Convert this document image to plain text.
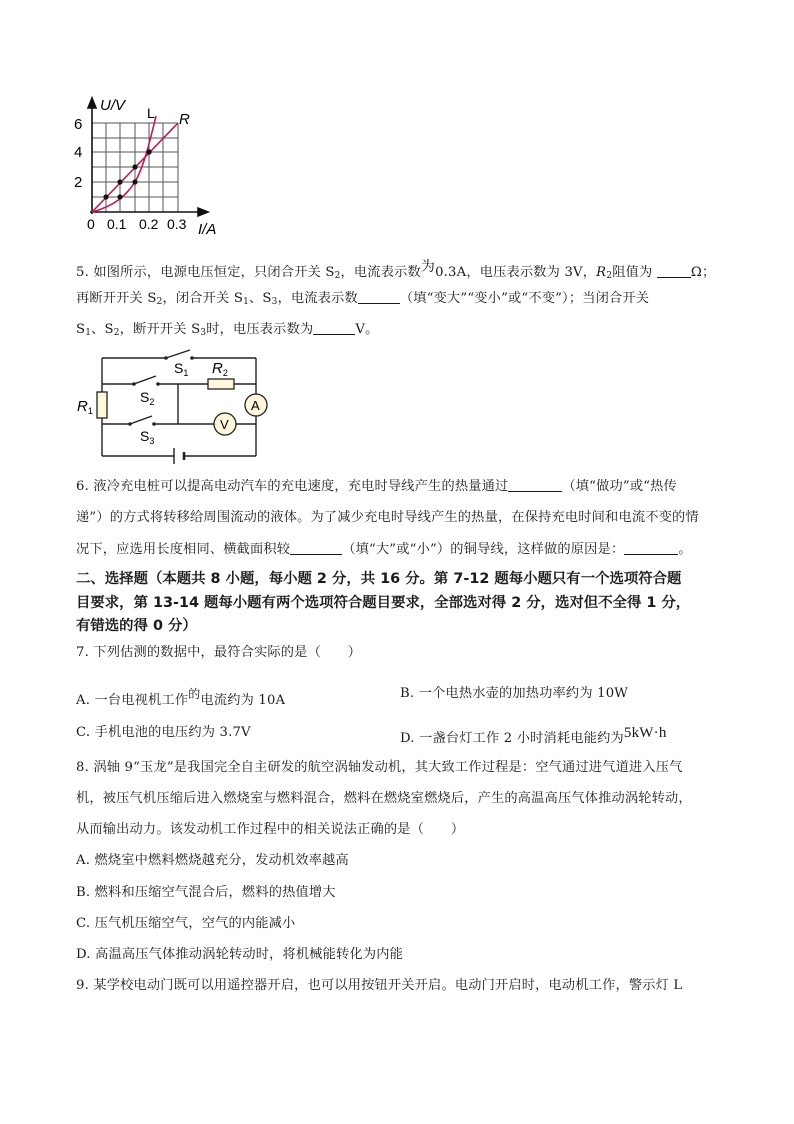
U/V L R
2
4
6
0 0.1 0.2 0.3 I/A
5. 如图所示，电源电压恒定，只闭合开关 $S_2$，电流表示数为0.3A，电压表示数为 3V，$R_2$阻值为	Ω；
再断开开关 $S_2$，闭合开关 $S_1$、$S_3$，电流表示数	（填“变大”“变小”或“不变”）；当闭合开关
$S_1$、$S_2$，断开开关 $S_3$时，电压表示数为	V。
A
V
$S_1$
$S_2$
$S_3$
$R_1$
$R_2$
6. 液冷充电桩可以提高电动汽车的充电速度，充电时导线产生的热量通过	（填“做功”或“热传
递”）的方式将转移给周围流动的液体。为了减少充电时导线产生的热量，在保持充电时间和电流不变的情
况下，应选用长度相同、横截面积较	（填“大”或“小”）的铜导线，这样做的原因是：	。
二、选择题（本题共 8 小题，每小题 2 分，共 16 分。第 7-12 题每小题只有一个选项符合题
目要求，第 13-14 题每小题有两个选项符合题目要求，全部选对得 2 分，选对但不全得 1 分，
有错选的得 0 分）
7. 下列估测的数据中，最符合实际的是（　　）
A. 一台电视机工作的电流约为 10A	B. 一个电热水壶的加热功率约为 10W
C. 手机电池的电压约为 3.7V	D. 一盏台灯工作 2 小时消耗电能约为5kW·h
8. 涡轴 9“玉龙”是我国完全自主研发的航空涡轴发动机，其大致工作过程是：空气通过进气道进入压气
机，被压气机压缩后进入燃烧室与燃料混合，燃料在燃烧室燃烧后，产生的高温高压气体推动涡轮转动，
从而输出动力。该发动机工作过程中的相关说法正确的是（　　）
A. 燃烧室中燃料燃烧越充分，发动机效率越高
B. 燃料和压缩空气混合后，燃料的热值增大
C. 压气机压缩空气，空气的内能减小
D. 高温高压气体推动涡轮转动时，将机械能转化为内能
9. 某学校电动门既可以用遥控器开启，也可以用按钮开关开启。电动门开启时，电动机工作，警示灯 L
